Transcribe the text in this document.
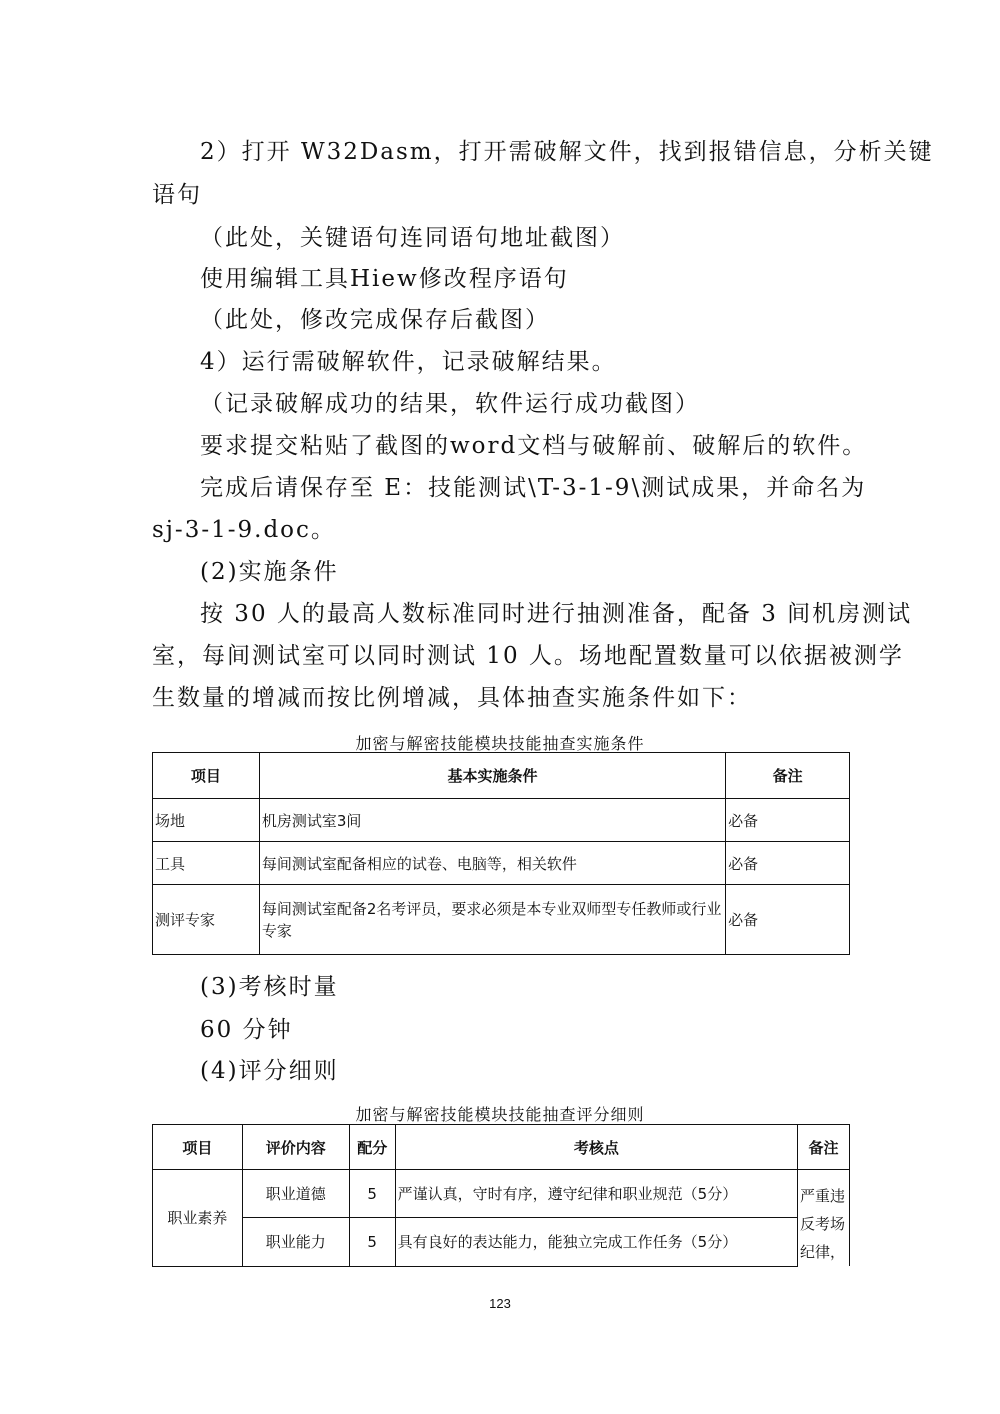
2）打开 W32Dasm，打开需破解文件，找到报错信息，分析关键
语句
（此处，关键语句连同语句地址截图）
使用编辑工具Hiew修改程序语句
（此处，修改完成保存后截图）
4）运行需破解软件，记录破解结果。
（记录破解成功的结果，软件运行成功截图）
要求提交粘贴了截图的word文档与破解前、破解后的软件。
完成后请保存至 E：技能测试\T-3-1-9\测试成果，并命名为
sj-3-1-9.doc。
(2)实施条件
按 30 人的最高人数标准同时进行抽测准备，配备 3 间机房测试
室，每间测试室可以同时测试 10 人。场地配置数量可以依据被测学
生数量的增减而按比例增减，具体抽查实施条件如下：
加密与解密技能模块技能抽查实施条件
项目	基本实施条件	备注
场地	机房测试室3间	必备
工具	每间测试室配备相应的试卷、电脑等，相关软件	必备
测评专家	每间测试室配备2名考评员，要求必须是本专业双师型专任教师或行业专家	必备
(3)考核时量
60 分钟
(4)评分细则
加密与解密技能模块技能抽查评分细则
项目	评价内容	配分	考核点	备注
职业素养	职业道德	5	严谨认真，守时有序，遵守纪律和职业规范（5分）	严重违反考场纪律，
	职业能力	5	具有良好的表达能力，能独立完成工作任务（5分）	
123
